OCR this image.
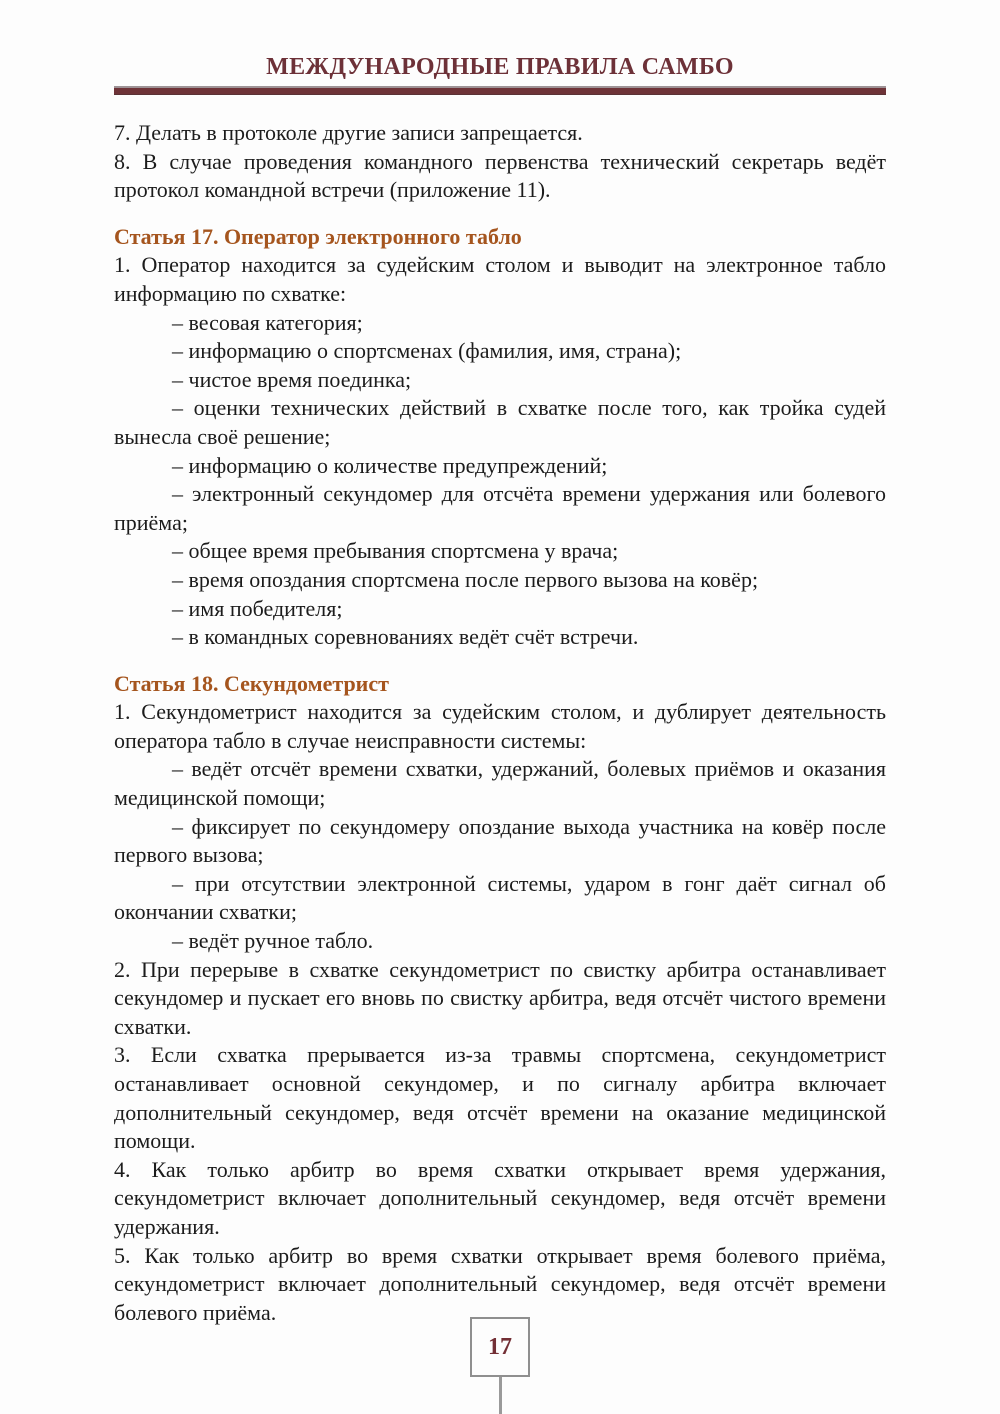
МЕЖДУНАРОДНЫЕ ПРАВИЛА САМБО

7. Делать в протоколе другие записи запрещается.

8. В случае проведения командного первенства технический секретарь ведёт протокол командной встречи (приложение 11).

Статья 17. Оператор электронного табло

1. Оператор находится за судейским столом и выводит на электронное табло информацию по схватке:

– весовая категория;

– информацию о спортсменах (фамилия, имя, страна);

– чистое время поединка;

– оценки технических действий в схватке после того, как тройка судей вынесла своё решение;

– информацию о количестве предупреждений;

– электронный секундомер для отсчёта времени удержания или болевого приёма;

– общее время пребывания спортсмена у врача;

– время опоздания спортсмена после первого вызова на ковёр;

– имя победителя;

– в командных соревнованиях ведёт счёт встречи.

Статья 18. Секундометрист

1. Секундометрист находится за судейским столом, и дублирует деятельность оператора табло в случае неисправности системы:

– ведёт отсчёт времени схватки, удержаний, болевых приёмов и оказания медицинской помощи;

– фиксирует по секундомеру опоздание выхода участника на ковёр после первого вызова;

– при отсутствии электронной системы, ударом в гонг даёт сигнал об окончании схватки;

– ведёт ручное табло.

2. При перерыве в схватке секундометрист по свистку арбитра останавливает секундомер и пускает его вновь по свистку арбитра, ведя отсчёт чистого времени схватки.

3. Если схватка прерывается из-за травмы спортсмена, секундометрист останавливает основной секундомер, и по сигналу арбитра включает дополнительный секундомер, ведя отсчёт времени на оказание медицинской помощи.

4. Как только арбитр во время схватки открывает время удержания, секундометрист включает дополнительный секундомер, ведя отсчёт времени удержания.

5. Как только арбитр во время схватки открывает время болевого приёма, секундометрист включает дополнительный секундомер, ведя отсчёт времени болевого приёма.

17
